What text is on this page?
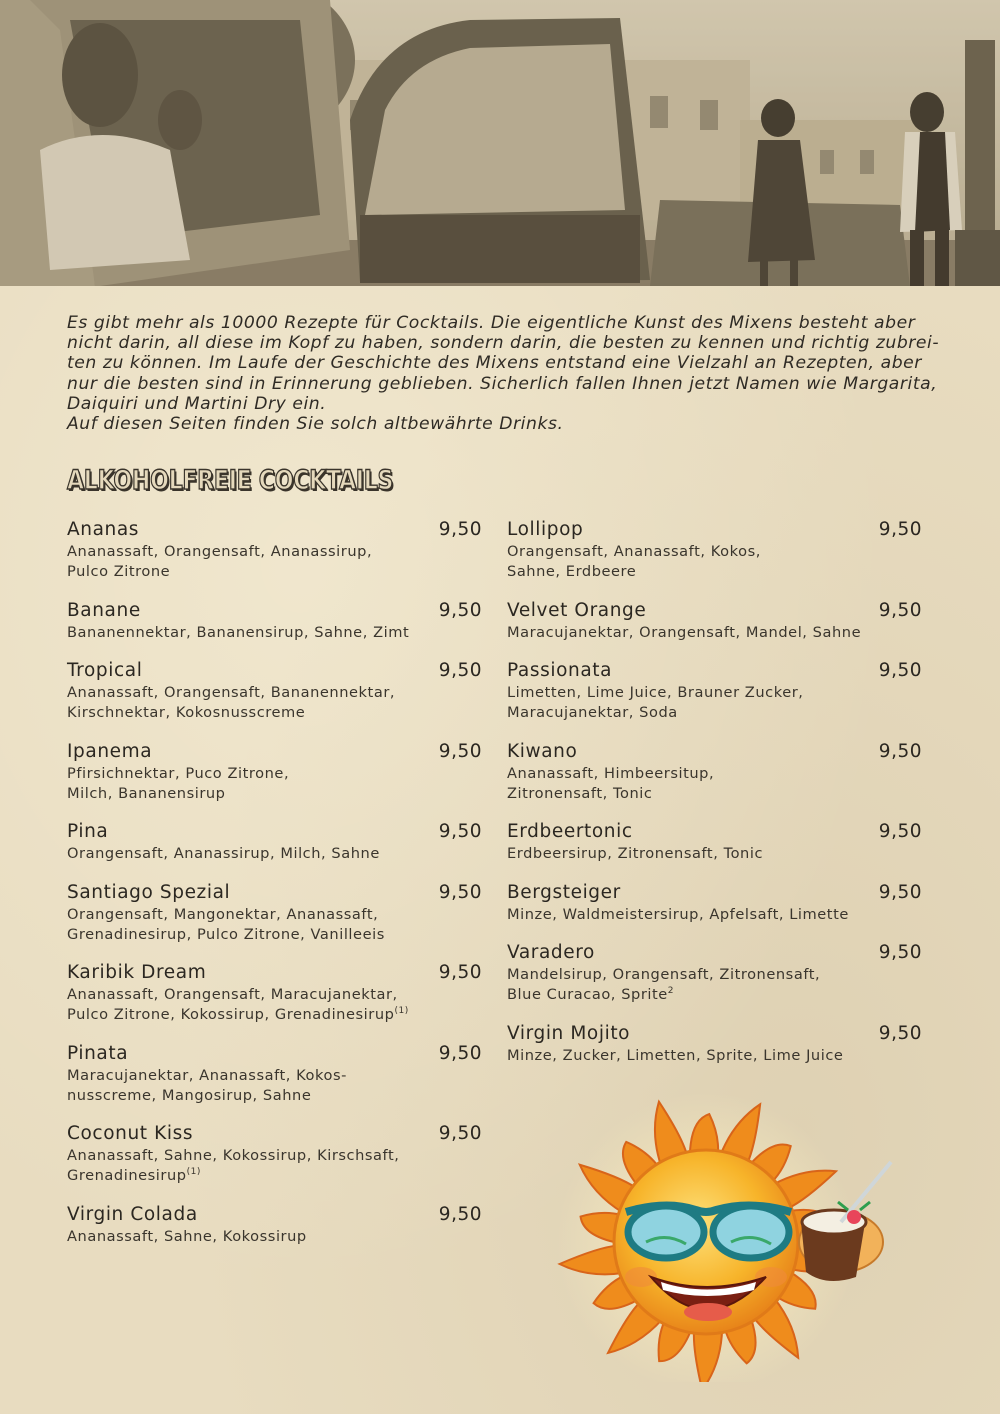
Es gibt mehr als 10000 Rezepte für Cocktails. Die eigentliche Kunst des Mixens besteht aber
nicht darin, all diese im Kopf zu haben, sondern darin, die besten zu kennen und richtig zubrei-
ten zu können. Im Laufe der Geschichte des Mixens entstand eine Vielzahl an Rezepten, aber
nur die besten sind in Erinnerung geblieben. Sicherlich fallen Ihnen jetzt Namen wie Margarita,
Daiquiri und Martini Dry ein.
Auf diesen Seiten finden Sie solch altbewährte Drinks.

ALKOHOLFREIE COCKTAILS
Ananas	9,50
Ananassaft, Orangensaft, Ananassirup,
Pulco Zitrone
Banane	9,50
Bananennektar, Bananensirup, Sahne, Zimt
Tropical	9,50
Ananassaft, Orangensaft, Bananennektar,
Kirschnektar, Kokosnusscreme
Ipanema	9,50
Pfirsichnektar, Puco Zitrone,
Milch, Bananensirup
Pina	9,50
Orangensaft, Ananassirup, Milch, Sahne
Santiago Spezial	9,50
Orangensaft, Mangonektar, Ananassaft,
Grenadinesirup, Pulco Zitrone, Vanilleeis
Karibik Dream	9,50
Ananassaft, Orangensaft, Maracujanektar,
Pulco Zitrone, Kokossirup, Grenadinesirup$^{(1)}$
Pinata	9,50
Maracujanektar, Ananassaft, Kokos-
nusscreme, Mangosirup, Sahne
Coconut Kiss	9,50
Ananassaft, Sahne, Kokossirup, Kirschsaft,
Grenadinesirup$^{(1)}$
Virgin Colada	9,50
Ananassaft, Sahne, Kokossirup
Lollipop	9,50
Orangensaft, Ananassaft, Kokos,
Sahne, Erdbeere
Velvet Orange	9,50
Maracujanektar, Orangensaft, Mandel, Sahne
Passionata	9,50
Limetten, Lime Juice, Brauner Zucker,
Maracujanektar, Soda
Kiwano	9,50
Ananassaft, Himbeersitup,
Zitronensaft, Tonic
Erdbeertonic	9,50
Erdbeersirup, Zitronensaft, Tonic
Bergsteiger	9,50
Minze, Waldmeistersirup, Apfelsaft, Limette
Varadero	9,50
Mandelsirup, Orangensaft, Zitronensaft,
Blue Curacao, Sprite$^2$
Virgin Mojito	9,50
Minze, Zucker, Limetten, Sprite, Lime Juice
